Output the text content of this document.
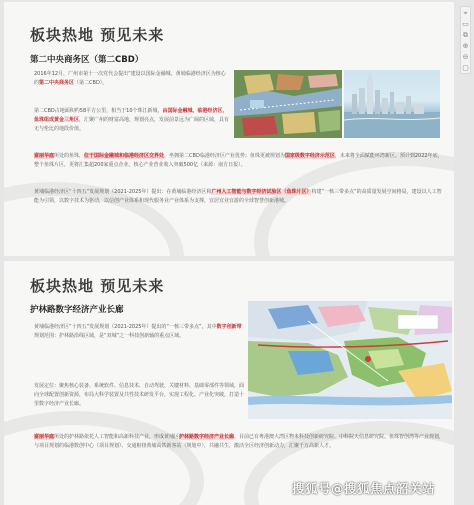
板块热地 预见未来
第二中央商务区（第二CBD）
2016年12月，广州市第十一次党代会提出“建设以国际金融城、黄埔临港经济区为核心的第二中央商务区（第二CBD）。
第二CBD占地面积约58平方公里，相当于10个珠江新城，由国际金融城、临港经济区、鱼珠组成黄金三角区，汇聚广州的财富高地、规划亮点，发展前景远为广阔的区域，具有无与伦比的地段价值。
富丽华庭所处的鱼珠，位于国际金融城和临港经济区交界处，坐拥第二CBD临港经济区产业优势；鱼珠更被规划为国家级数字经济示范区，未来将全面赋能环湾新区。预计到2022年底，整个鱼珠片区，更将汇集超200家重点企业，核心产业营业收入突破500亿（来源：南方日报）。
黄埔临港经济区“十四五”发展规划（2021-2025年）提出：在黄埔临港经济区和广州人工智能与数字经济试验区（鱼珠片区）构建“一核三带多点”的高质量发展空间格局，建设以人工智能为引领，以数字技术为驱动，以信创产业体系和现代服务业产业体系为支撑，宜居宜业宜游的全球智慧创新港城。
板块热地 预见未来
护林路数字经济产业长廊
黄埔临港经济区“十四五”发展规划（2021-2025年）提出的“一核三带多点”，其中数字创新带规划范围：护林路沿线区域，是“双城”之一科技创新轴的重点区域。
发展定位：聚焦核心装备、系统软件、信息技术、自动驾驶、关键材料、基础零部件等领域，面向全球配置创新资源，布局大科学装置及共性技术研发平台，实现工程化、产业化突破，打造十里数字经济产业长廊。
富丽华庭所处的护林路依托人工智能和高新科技产业，形成黄埔区护林路数字经济产业长廊，目前已有粤港澳大湾区物米科技创新研究院、中科院天信息研究院、鱼珠智创湾等产业规划，与项目规划的临港数创中心（项目规划）、交通枢纽黄埔高铁新客站（规划中），共融共生，激活全区经济创新动力，汇聚千万高新人才。
⌖
▭
⧉
⊕
⊖
▢
搜狐号@搜狐焦点韶关站
